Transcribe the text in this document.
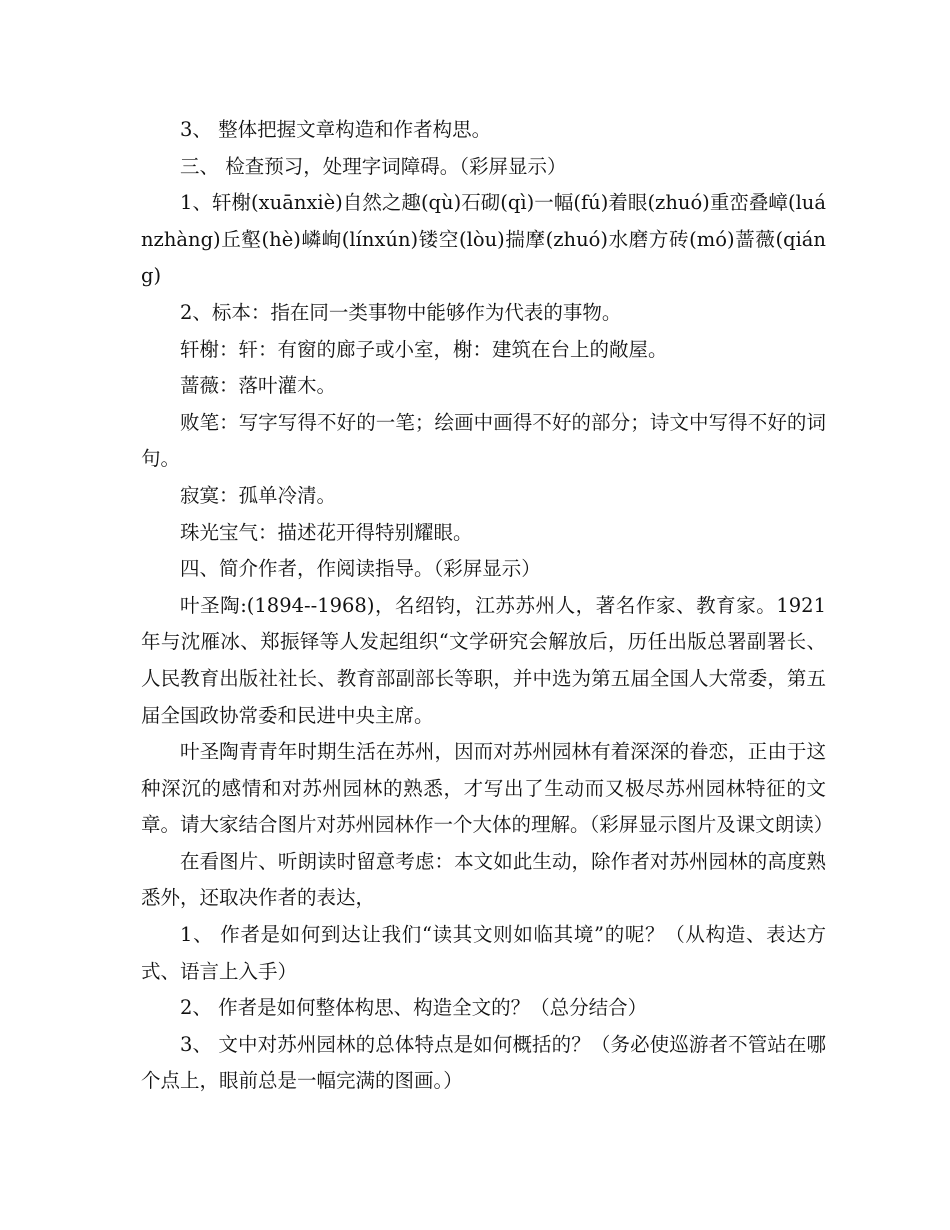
3、 整体把握文章构造和作者构思。

三、 检查预习，处理字词障碍。（彩屏显示）

1、轩榭(xuānxiè)自然之趣(qù)石砌(qì)一幅(fú)着眼(zhuó)重峦叠嶂(luánzhàng)丘壑(hè)嶙峋(línxún)镂空(lòu)揣摩(zhuó)水磨方砖(mó)蔷薇(qiáng)

2、标本：指在同一类事物中能够作为代表的事物。

轩榭：轩：有窗的廊子或小室，榭：建筑在台上的敞屋。

蔷薇：落叶灌木。

败笔：写字写得不好的一笔；绘画中画得不好的部分；诗文中写得不好的词句。

寂寞：孤单冷清。

珠光宝气：描述花开得特别耀眼。

四、简介作者，作阅读指导。（彩屏显示）

叶圣陶:(1894--1968)，名绍钧，江苏苏州人，著名作家、教育家。1921年与沈雁冰、郑振铎等人发起组织“文学研究会解放后，历任出版总署副署长、人民教育出版社社长、教育部副部长等职，并中选为第五届全国人大常委，第五届全国政协常委和民进中央主席。

叶圣陶青青年时期生活在苏州，因而对苏州园林有着深深的眷恋，正由于这种深沉的感情和对苏州园林的熟悉，才写出了生动而又极尽苏州园林特征的文章。请大家结合图片对苏州园林作一个大体的理解。（彩屏显示图片及课文朗读）

在看图片、听朗读时留意考虑：本文如此生动，除作者对苏州园林的高度熟悉外，还取决作者的表达，

1、 作者是如何到达让我们“读其文则如临其境”的呢？（从构造、表达方式、语言上入手）

2、 作者是如何整体构思、构造全文的？（总分结合）

3、 文中对苏州园林的总体特点是如何概括的？（务必使巡游者不管站在哪个点上，眼前总是一幅完满的图画。）
